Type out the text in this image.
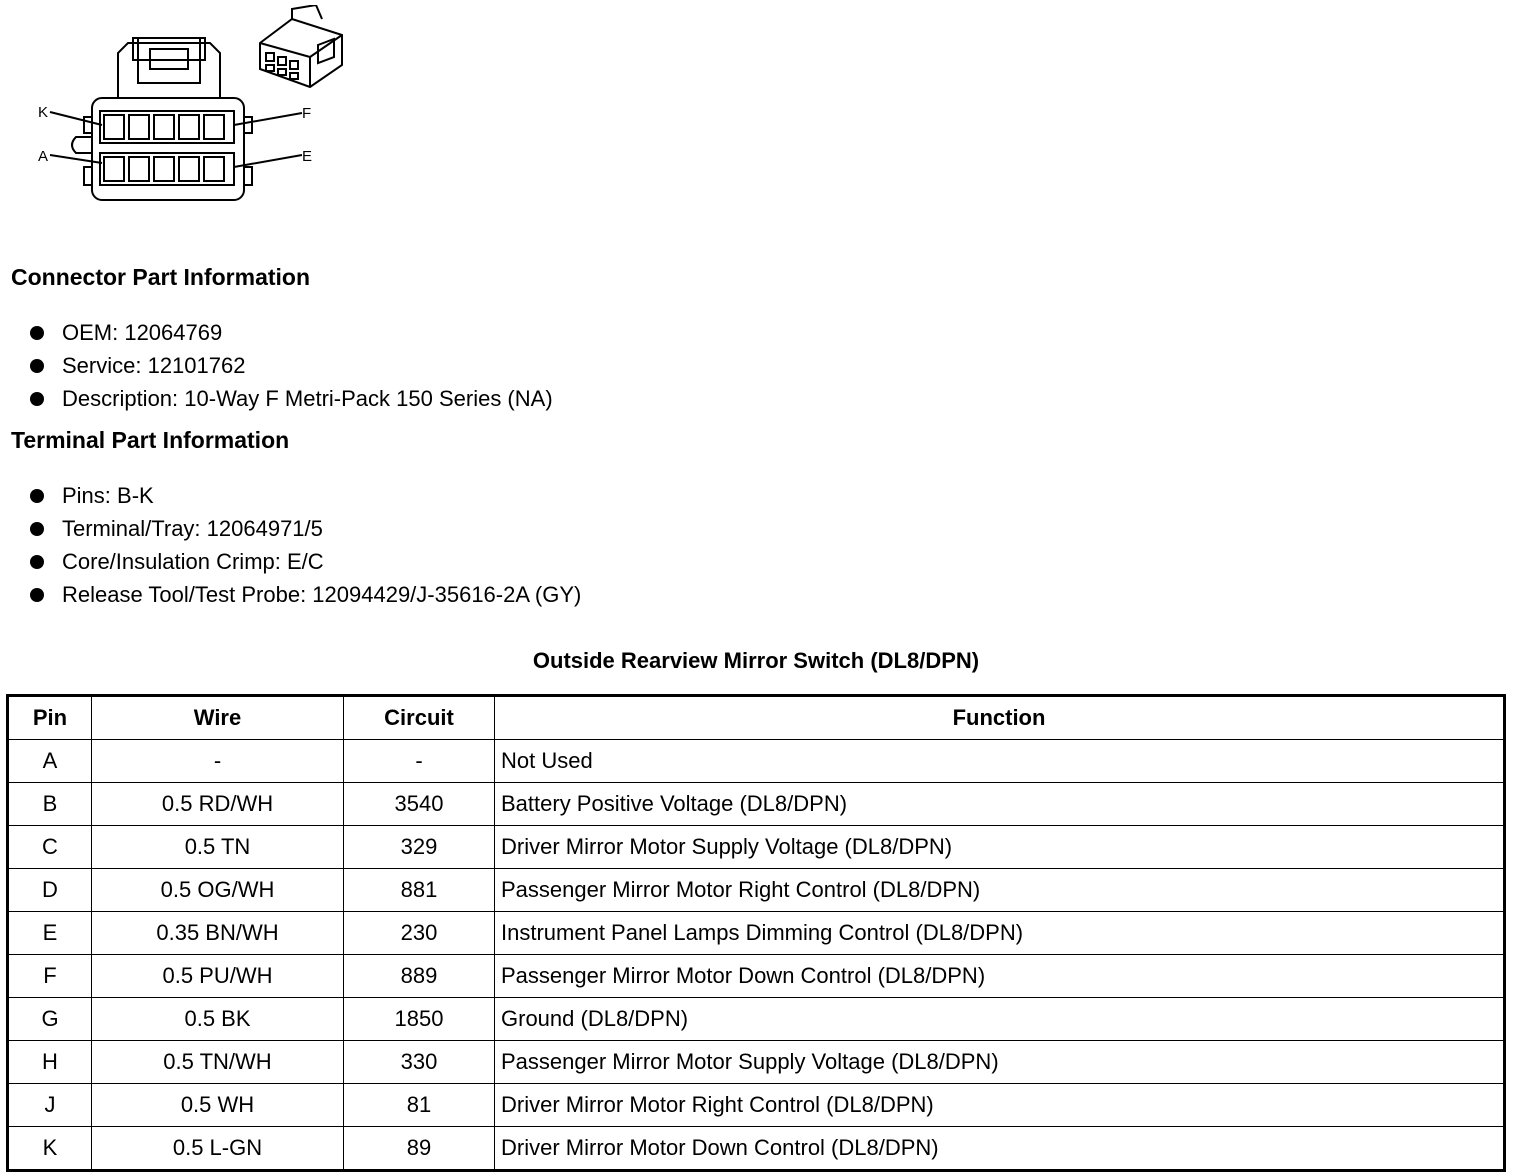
K
A
F
E
Connector Part Information
OEM: 12064769
Service: 12101762
Description: 10-Way F Metri-Pack 150 Series (NA)
Terminal Part Information
Pins: B-K
Terminal/Tray: 12064971/5
Core/Insulation Crimp: E/C
Release Tool/Test Probe: 12094429/J-35616-2A (GY)
Outside Rearview Mirror Switch (DL8/DPN)
Pin	Wire	Circuit	Function
A	-	-	Not Used
B	0.5 RD/WH	3540	Battery Positive Voltage (DL8/DPN)
C	0.5 TN	329	Driver Mirror Motor Supply Voltage (DL8/DPN)
D	0.5 OG/WH	881	Passenger Mirror Motor Right Control (DL8/DPN)
E	0.35 BN/WH	230	Instrument Panel Lamps Dimming Control (DL8/DPN)
F	0.5 PU/WH	889	Passenger Mirror Motor Down Control (DL8/DPN)
G	0.5 BK	1850	Ground (DL8/DPN)
H	0.5 TN/WH	330	Passenger Mirror Motor Supply Voltage (DL8/DPN)
J	0.5 WH	81	Driver Mirror Motor Right Control (DL8/DPN)
K	0.5 L-GN	89	Driver Mirror Motor Down Control (DL8/DPN)
